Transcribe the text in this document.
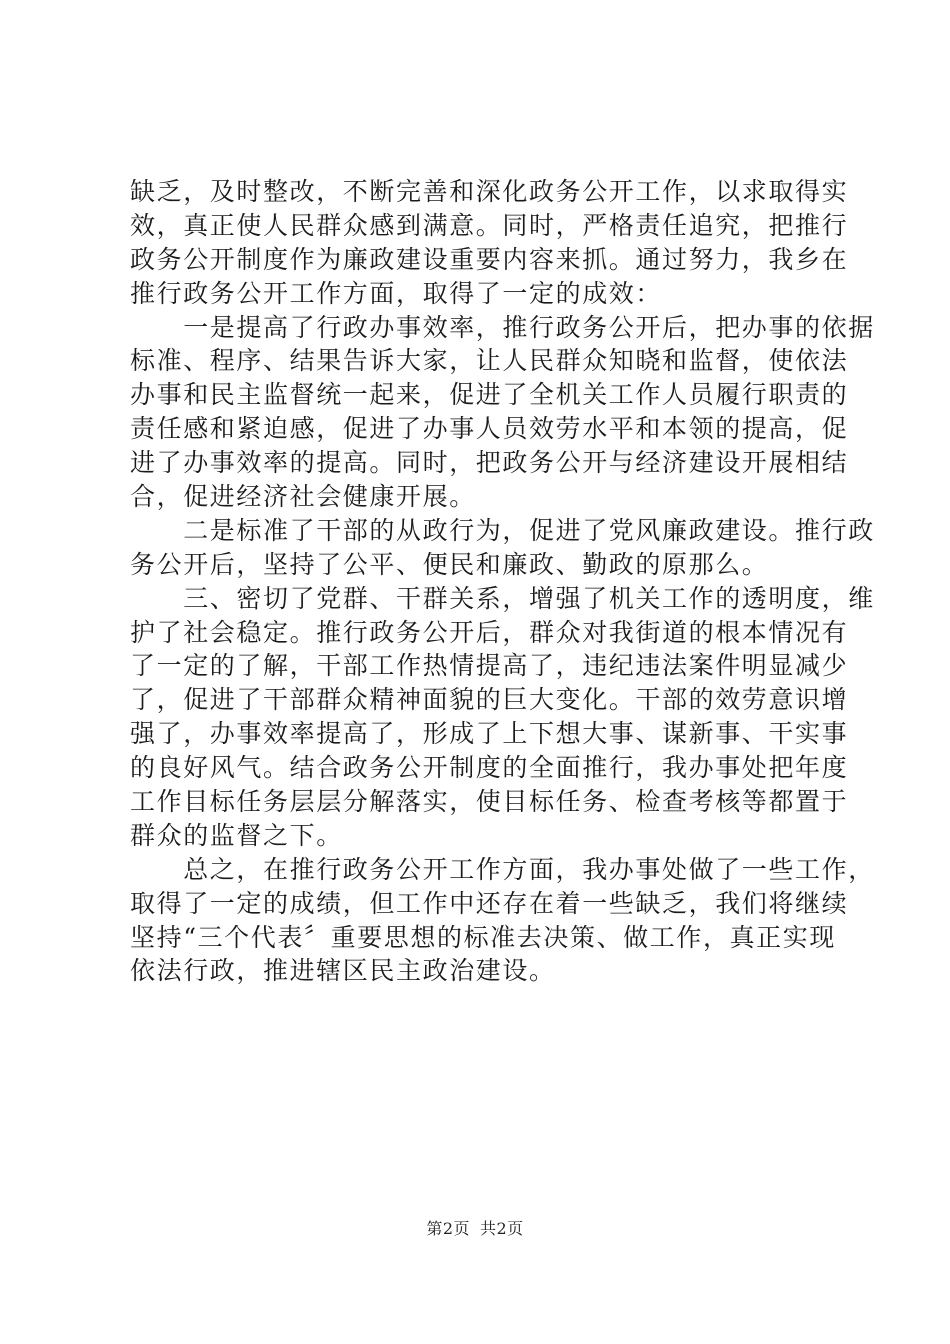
缺乏，及时整改，不断完善和深化政务公开工作，以求取得实
效，真正使人民群众感到满意。同时，严格责任追究，把推行
政务公开制度作为廉政建设重要内容来抓。通过努力，我乡在
推行政务公开工作方面，取得了一定的成效：
　　一是提高了行政办事效率，推行政务公开后，把办事的依据
标准、程序、结果告诉大家，让人民群众知晓和监督，使依法
办事和民主监督统一起来，促进了全机关工作人员履行职责的
责任感和紧迫感，促进了办事人员效劳水平和本领的提高，促
进了办事效率的提高。同时，把政务公开与经济建设开展相结
合，促进经济社会健康开展。
　　二是标准了干部的从政行为，促进了党风廉政建设。推行政
务公开后，坚持了公平、便民和廉政、勤政的原那么。
　　三、密切了党群、干群关系，增强了机关工作的透明度，维
护了社会稳定。推行政务公开后，群众对我街道的根本情况有
了一定的了解，干部工作热情提高了，违纪违法案件明显减少
了，促进了干部群众精神面貌的巨大变化。干部的效劳意识增
强了，办事效率提高了，形成了上下想大事、谋新事、干实事
的良好风气。结合政务公开制度的全面推行，我办事处把年度
工作目标任务层层分解落实，使目标任务、检查考核等都置于
群众的监督之下。
　　总之，在推行政务公开工作方面，我办事处做了一些工作，
取得了一定的成绩，但工作中还存在着一些缺乏，我们将继续
坚持“三个代表〞重要思想的标准去决策、做工作，真正实现
依法行政，推进辖区民主政治建设。
第2页 共2页
